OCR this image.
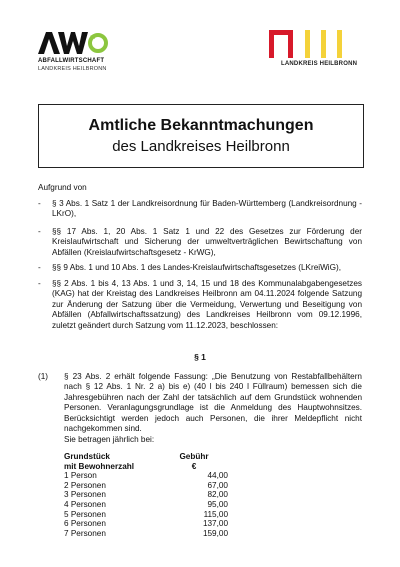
ABFALLWIRTSCHAFT
LANDKREIS HEILBRONN
LANDKREIS HEILBRONN
Amtliche Bekanntmachungen
des Landkreises Heilbronn
Aufgrund von
- § 3 Abs. 1 Satz 1 der Landkreisordnung für Baden-Württemberg (Landkreisordnung - LKrO),
- §§ 17 Abs. 1, 20 Abs. 1 Satz 1 und 22 des Gesetzes zur Förderung der Kreislaufwirtschaft und Sicherung der umweltverträglichen Bewirtschaftung von Abfällen (Kreislaufwirtschaftsgesetz - KrWG),
- §§ 9 Abs. 1 und 10 Abs. 1 des Landes-Kreislaufwirtschaftsgesetzes (LKreiWiG),
- §§ 2 Abs. 1 bis 4, 13 Abs. 1 und 3, 14, 15 und 18 des Kommunalabgabengesetzes (KAG) hat der Kreistag des Landkreises Heilbronn am 04.11.2024 folgende Satzung zur Änderung der Satzung über die Vermeidung, Verwertung und Beseitigung von Abfällen (Abfallwirtschaftssatzung) des Landkreises Heilbronn vom 09.12.1996, zuletzt geändert durch Satzung vom 11.12.2023, beschlossen:
§ 1
(1) § 23 Abs. 2 erhält folgende Fassung: „Die Benutzung von Restabfallbehältern nach § 12 Abs. 1 Nr. 2 a) bis e) (40 l bis 240 l Füllraum) bemessen sich die Jahresgebühren nach der Zahl der tatsächlich auf dem Grundstück wohnenden Personen. Veranlagungsgrundlage ist die Anmeldung des Hauptwohnsitzes. Berücksichtigt werden jedoch auch Personen, die ihrer Meldepflicht nicht nachgekommen sind.
Sie betragen jährlich bei:
Grundstück	Gebühr
mit Bewohnerzahl	€
1 Person	44,00
2 Personen	67,00
3 Personen	82,00
4 Personen	95,00
5 Personen	115,00
6 Personen	137,00
7 Personen	159,00
